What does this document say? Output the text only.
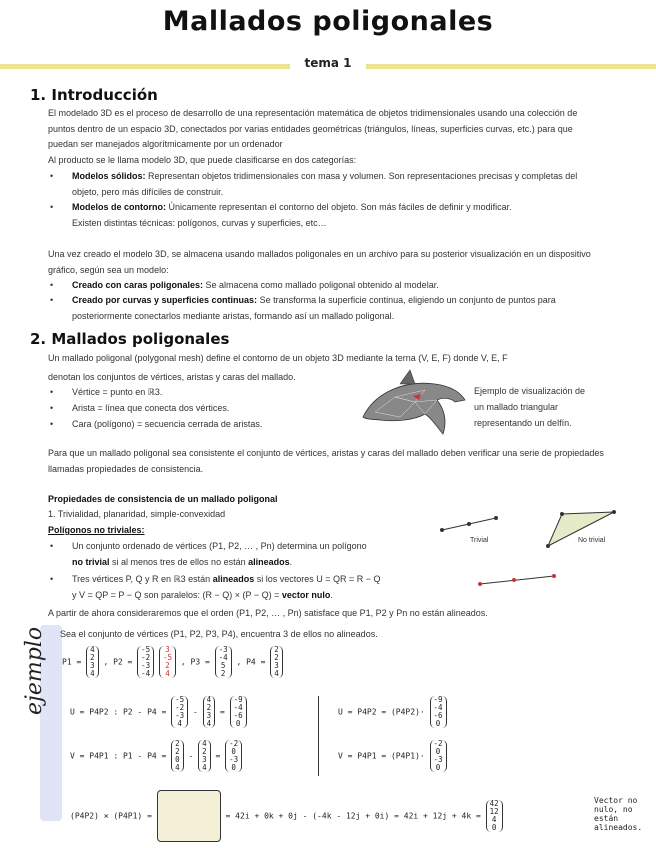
Mallados poligonales
tema 1
1. Introducción
El modelado 3D es el proceso de desarrollo de una representación matemática de objetos tridimensionales usando una colección de puntos dentro de un espacio 3D, conectados por varias entidades geométricas (triángulos, líneas, superficies curvas, etc.) para que puedan ser manejados algorítmicamente por un ordenador
Al producto se le llama modelo 3D, que puede clasificarse en dos categorías:
• Modelos sólidos: Representan objetos tridimensionales con masa y volumen. Son representaciones precisas y completas del objeto, pero más difíciles de construir.
• Modelos de contorno: Únicamente representan el contorno del objeto. Son más fáciles de definir y modificar.
Existen distintas técnicas: polígonos, curvas y superficies, etc…
Una vez creado el modelo 3D, se almacena usando mallados poligonales en un archivo para su posterior visualización en un dispositivo gráfico, según sea un modelo:
• Creado con caras poligonales: Se almacena como mallado poligonal obtenido al modelar.
• Creado por curvas y superficies continuas: Se transforma la superficie continua, eligiendo un conjunto de puntos para posteriormente conectarlos mediante aristas, formando así un mallado poligonal.
2. Mallados poligonales
Un mallado poligonal (polygonal mesh) define el contorno de un objeto 3D mediante la terna (V, E, F) donde V, E, F
denotan los conjuntos de vértices, aristas y caras del mallado.
• Vértice = punto en ℝ3.
• Arista = línea que conecta dos vértices.
• Cara (polígono) = secuencia cerrada de aristas.
Ejemplo de visualización de un mallado triangular representando un delfín.
Para que un mallado poligonal sea consistente el conjunto de vértices, aristas y caras del mallado deben verificar una serie de propiedades llamadas propiedades de consistencia.
Propiedades de consistencia de un mallado poligonal
1. Trivialidad, planaridad, simple-convexidad
Polígonos no triviales:
• Un conjunto ordenado de vértices (P1, P2, … , Pn) determina un polígono
no trivial si al menos tres de ellos no están alineados.
• Tres vértices P, Q y R en ℝ3 están alineados si los vectores U = QR = R − Q
y V = QP = P − Q son paralelos: (R − Q) × (P − Q) = vector nulo.
Trivial	No trivial
A partir de ahora consideraremos que el orden (P1, P2, … , Pn) satisface que P1, P2 y Pn no están alineados.
ejemplo Sea el conjunto de vértices (P1, P2, P3, P4), encuentra 3 de ellos no alineados.
P1 = 4
2
3
4 , P2 = -5
-2
-3
-4 3
-5
2
4 , P3 = -3
-4
5
2 , P4 = 2
2
3
4
U = P4P2 : P2 - P4 = -5
-2
-3
4 - 4
2
3
4 = -9
-4
-6
0
V = P4P1 : P1 - P4 = 2
2
0
4 - 4
2
3
4 = -2
0
-3
0
U = P4P2 = (P4P2)· -9
-4
-6
0
V = P4P1 = (P4P1)· -2
0
-3
0
(P4P2) × (P4P1) =	= 42i + 0k + 0j - (-4k - 12j + 0i) = 42i + 12j + 4k = 42
12
4
0
Vector no nulo, no están alineados.
